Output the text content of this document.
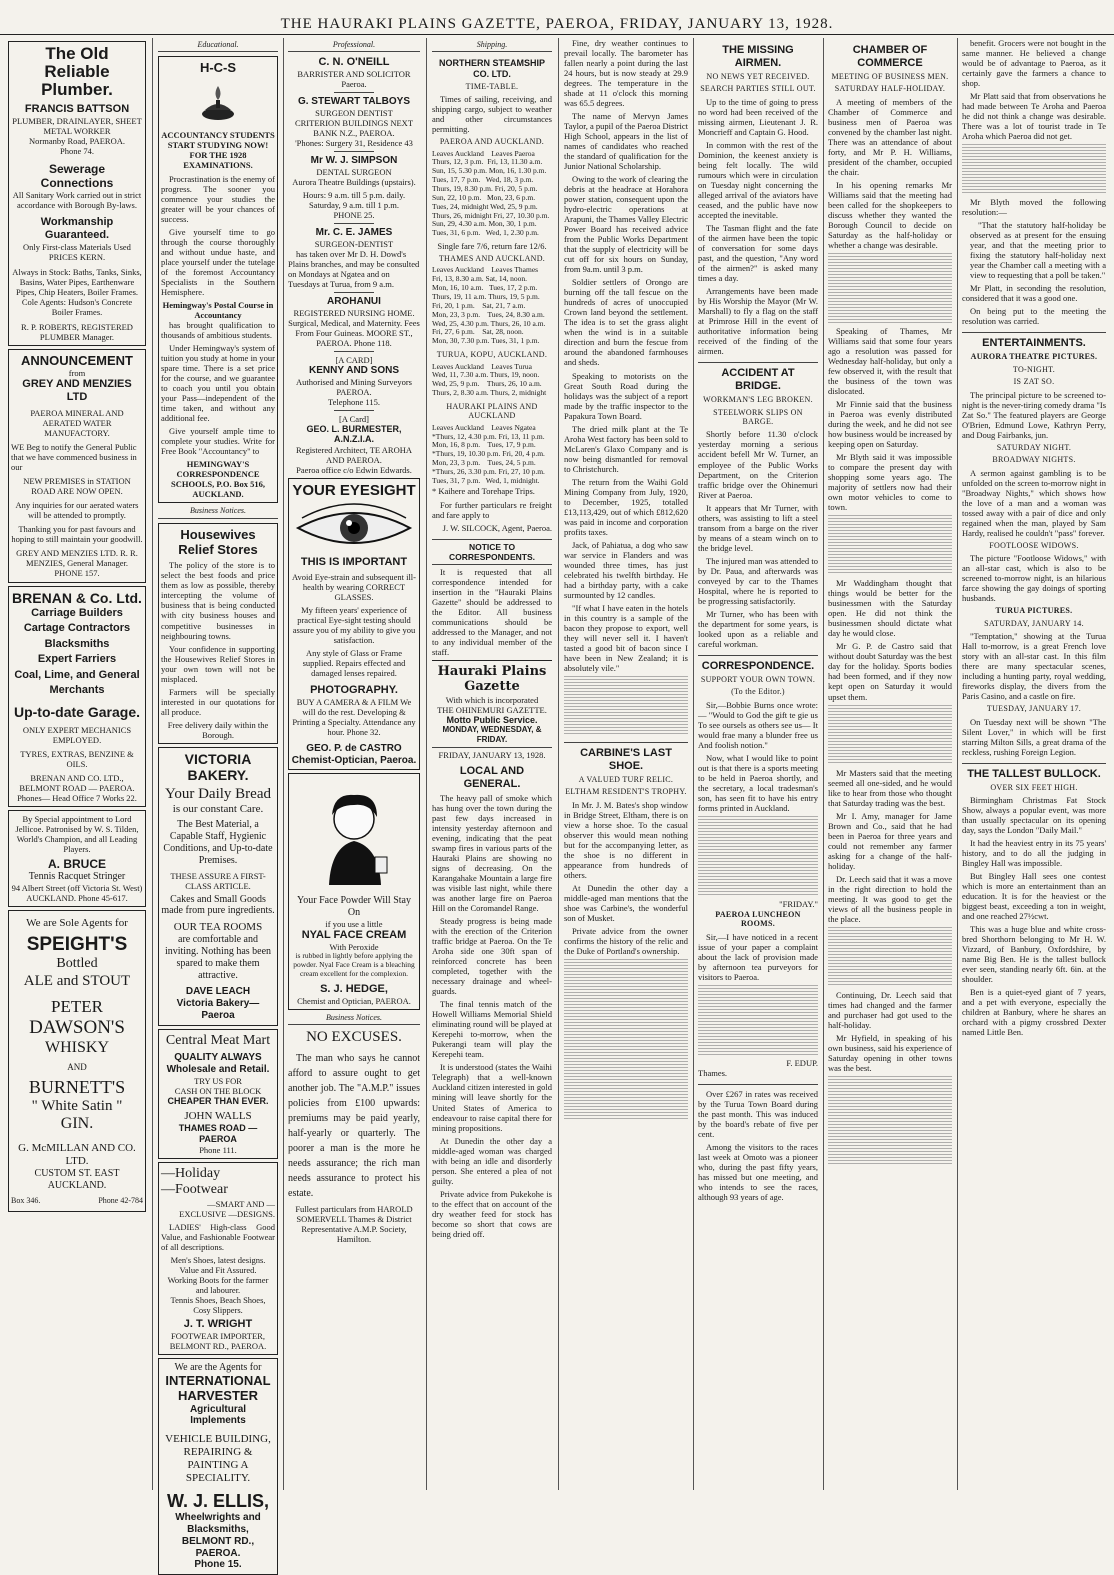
THE HAURAKI PLAINS GAZETTE, PAEROA, FRIDAY, JANUARY 13, 1928.
The Old Reliable Plumber.
FRANCIS BATTSON
PLUMBER, DRAINLAYER, SHEET METAL WORKER
Normanby Road, PAEROA.
Phone 74.
Sewerage Connections
All Sanitary Work carried out in strict accordance with Borough By-laws.
Workmanship Guaranteed.
Only First-class Materials Used PRICES KERN.
Always in Stock: Baths, Tanks, Sinks, Basins, Water Pipes, Earthenware Pipes, Chip Heaters, Boiler Frames. Cole Agents: Hudson's Concrete Boiler Frames.
R. P. ROBERTS, REGISTERED PLUMBER Manager.
ANNOUNCEMENT
from
GREY AND MENZIES LTD
PAEROA MINERAL AND AERATED WATER MANUFACTORY.
WE Beg to notify the General Public that we have commenced business in our
NEW PREMISES in STATION ROAD ARE NOW OPEN.
Any inquiries for our aerated waters will be attended to promptly.
Thanking you for past favours and hoping to still maintain your goodwill.
GREY AND MENZIES LTD. R. R. MENZIES, General Manager.
PHONE 157.
BRENAN & Co. Ltd.
Carriage Builders
Cartage Contractors
Blacksmiths
Expert Farriers
Coal, Lime, and General Merchants
Up-to-date Garage.
ONLY EXPERT MECHANICS EMPLOYED.
TYRES, EXTRAS, BENZINE & OILS.
BRENAN AND CO. LTD., BELMONT ROAD — PAEROA.
Phones— Head Office 7 Works 22.
By Special appointment to Lord Jellicoe. Patronised by W. S. Tilden, World's Champion, and all Leading Players.
A. BRUCE
Tennis Racquet Stringer
94 Albert Street (off Victoria St. West) AUCKLAND. Phone 45-617.
We are Sole Agents for
SPEIGHT'S
Bottled
ALE and STOUT
PETER
DAWSON'S
WHISKY
AND
BURNETT'S
" White Satin "
GIN.
G. McMILLAN AND CO. LTD.
CUSTOM ST. EAST AUCKLAND.
Box 346.	Phone 42-784
Educational.
H-C-S
ACCOUNTANCY STUDENTS START STUDYING NOW! FOR THE 1928 EXAMINATIONS.
Procrastination is the enemy of progress. The sooner you commence your studies the greater will be your chances of success.
Give yourself time to go through the course thoroughly and without undue haste, and place yourself under the tutelage of the foremost Accountancy Specialists in the Southern Hemisphere.
Hemingway's Postal Course in Accountancy
has brought qualification to thousands of ambitious students.
Under Hemingway's system of tuition you study at home in your spare time. There is a set price for the course, and we guarantee to coach you until you obtain your Pass—independent of the time taken, and without any additional fee.
Give yourself ample time to complete your studies. Write for Free Book "Accountancy" to
HEMINGWAY'S CORRESPONDENCE SCHOOLS, P.O. Box 516, AUCKLAND.
Business Notices.
Housewives Relief Stores
The policy of the store is to select the best foods and price them as low as possible, thereby intercepting the volume of business that is being conducted with city business houses and competitive businesses in neighbouring towns.
Your confidence in supporting the Housewives Relief Stores in your own town will not be misplaced.
Farmers will be specially interested in our quotations for all produce.
Free delivery daily within the Borough.
VICTORIA BAKERY.
Your Daily Bread
is our constant Care.
The Best Material, a Capable Staff, Hygienic Conditions, and Up-to-date Premises.
THESE ASSURE A FIRST-CLASS ARTICLE.
Cakes and Small Goods made from pure ingredients.
OUR TEA ROOMS
are comfortable and inviting. Nothing has been spared to make them attractive.
DAVE LEACH
Victoria Bakery—Paeroa
Central Meat Mart
QUALITY ALWAYS
Wholesale and Retail.
TRY US FOR
CASH ON THE BLOCK
CHEAPER THAN EVER.
JOHN WALLS
THAMES ROAD — PAEROA
Phone 111.
—Holiday
—Footwear
—SMART AND —EXCLUSIVE —DESIGNS.
LADIES' High-class Good Value, and Fashionable Footwear of all descriptions.
Men's Shoes, latest designs.
Value and Fit Assured.
Working Boots for the farmer and labourer.
Tennis Shoes, Beach Shoes, Cosy Slippers.
J. T. WRIGHT
FOOTWEAR IMPORTER, BELMONT RD., PAEROA.
We are the Agents for
INTERNATIONAL HARVESTER
Agricultural Implements
VEHICLE BUILDING, REPAIRING & PAINTING A SPECIALITY.
W. J. ELLIS,
Wheelwrights and Blacksmiths,
BELMONT RD., PAEROA.
Phone 15.
Professional.
C. N. O'NEILL
BARRISTER AND SOLICITOR
Paeroa.
G. STEWART TALBOYS
SURGEON DENTIST
CRITERION BUILDINGS NEXT BANK N.Z., PAEROA.
'Phones: Surgery 31, Residence 43
Mr W. J. SIMPSON
DENTAL SURGEON
Aurora Theatre Buildings (upstairs).
Hours: 9 a.m. till 5 p.m. daily. Saturday, 9 a.m. till 1 p.m.
PHONE 25.
Mr. C. E. JAMES
SURGEON-DENTIST
has taken over Mr D. H. Dowd's Plains branches, and may be consulted on Mondays at Ngatea and on Tuesdays at Turua, from 9 a.m.
AROHANUI
REGISTERED NURSING HOME.
Surgical, Medical, and Maternity. Fees From Four Guineas. MOORE ST., PAEROA. Phone 118.
[A CARD]
KENNY AND SONS
Authorised and Mining Surveyors PAEROA.
Telephone 115.
[A Card]
GEO. L. BURMESTER, A.N.Z.I.A.
Registered Architect, TE AROHA AND PAEROA.
Paeroa office c/o Edwin Edwards.
YOUR EYESIGHT
THIS IS IMPORTANT
Avoid Eye-strain and subsequent ill-health by wearing CORRECT GLASSES.
My fifteen years' experience of practical Eye-sight testing should assure you of my ability to give you satisfaction.
Any style of Glass or Frame supplied. Repairs effected and damaged lenses repaired.
PHOTOGRAPHY.
BUY A CAMERA & A FILM We will do the rest. Developing & Printing a Specialty. Attendance any hour. Phone 32.
GEO. P. de CASTRO
Chemist-Optician, Paeroa.
Your Face Powder Will Stay On
if you use a little
NYAL FACE CREAM
With Peroxide
is rubbed in lightly before applying the powder. Nyal Face Cream is a bleaching cream excellent for the complexion.
S. J. HEDGE,
Chemist and Optician, PAEROA.
Business Notices.
NO EXCUSES.
The man who says he cannot afford to assure ought to get another job. The "A.M.P." issues policies from £100 upwards: premiums may be paid yearly, half-yearly or quarterly. The poorer a man is the more he needs assurance; the rich man needs assurance to protect his estate.
Fullest particulars from HAROLD SOMERVELL Thames & District Representative A.M.P. Society, Hamilton.
Shipping.
NORTHERN STEAMSHIP CO. LTD.
TIME-TABLE.
Times of sailing, receiving, and shipping cargo, subject to weather and other circumstances permitting.
PAEROA AND AUCKLAND.
Leaves Auckland    Leaves Paeroa
Thurs, 12, 3 p.m.  Fri, 13, 11.30 a.m.
Sun, 15, 5.30 p.m. Mon, 16, 1.30 p.m.
Tues, 17, 7 p.m.   Wed, 18, 3 p.m.
Thurs, 19, 8.30 p.m. Fri, 20, 5 p.m.
Sun, 22, 10 p.m.   Mon, 23, 6 p.m.
Tues, 24, midnight Wed, 25, 9 p.m.
Thurs, 26, midnight Fri, 27, 10.30 p.m.
Sun, 29, 4.30 a.m. Mon, 30, 1 p.m.
Tues, 31, 6 p.m.   Wed, 1, 2.30 p.m.
Single fare 7/6, return fare 12/6.
THAMES AND AUCKLAND.
Leaves Auckland    Leaves Thames
Fri, 13, 8.30 a.m. Sat, 14, noon.
Mon, 16, 10 a.m.   Tues, 17, 2 p.m.
Thurs, 19, 11 a.m. Thurs, 19, 5 p.m.
Fri, 20, 1 p.m.    Sat, 21, 7 a.m.
Mon, 23, 3 p.m.    Tues, 24, 8.30 a.m.
Wed, 25, 4.30 p.m. Thurs, 26, 10 a.m.
Fri, 27, 6 p.m.    Sat, 28, noon.
Mon, 30, 7.30 p.m. Tues, 31, 1 p.m.
TURUA, KOPU, AUCKLAND.
Leaves Auckland    Leaves Turua
Wed, 11, 7.30 a.m. Thurs, 19, noon.
Wed, 25, 9 p.m.    Thurs, 26, 10 a.m.
Thurs, 2, 8.30 a.m. Thurs, 2, midnight
HAURAKI PLAINS AND AUCKLAND
Leaves Auckland    Leaves Ngatea
*Thurs, 12, 4.30 p.m. Fri, 13, 11 p.m.
Mon, 16, 8 p.m.    Tues, 17, 9 p.m.
*Thurs, 19, 10.30 p.m. Fri, 20, 4 p.m.
Mon, 23, 3 p.m.    Tues, 24, 5 p.m.
*Thurs, 26, 3.30 p.m. Fri, 27, 10 p.m.
Tues, 31, 7 p.m.   Wed, 1, midnight.
* Kaihere and Torehape Trips.
For further particulars re freight and fare apply to
J. W. SILCOCK, Agent, Paeroa.
NOTICE TO CORRESPONDENTS.
It is requested that all correspondence intended for insertion in the "Hauraki Plains Gazette" should be addressed to the Editor. All business communications should be addressed to the Manager, and not to any individual member of the staff.
Hauraki Plains Gazette
With which is incorporated
THE OHINEMURI GAZETTE.
Motto Public Service.
MONDAY, WEDNESDAY, & FRIDAY.
FRIDAY, JANUARY 13, 1928.
LOCAL AND GENERAL.
The heavy pall of smoke which has hung over the town during the past few days increased in intensity yesterday afternoon and evening, indicating that the peat swamp fires in various parts of the Hauraki Plains are showing no signs of decreasing. On the Karangahake Mountain a large fire was visible last night, while there was another large fire on Paeroa Hill on the Coromandel Range.
Steady progress is being made with the erection of the Criterion traffic bridge at Paeroa. On the Te Aroha side one 30ft span of reinforced concrete has been completed, together with the necessary drainage and wheel-guards.
The final tennis match of the Howell Williams Memorial Shield eliminating round will be played at Kerepehi to-morrow, when the Pukerangi team will play the Kerepehi team.
It is understood (states the Waihi Telegraph) that a well-known Auckland citizen interested in gold mining will leave shortly for the United States of America to endeavour to raise capital there for mining propositions.
At Dunedin the other day a middle-aged woman was charged with being an idle and disorderly person. She entered a plea of not guilty.
Private advice from Pukekohe is to the effect that on account of the dry weather feed for stock has become so short that cows are being dried off.
Fine, dry weather continues to prevail locally. The barometer has fallen nearly a point during the last 24 hours, but is now steady at 29.9 degrees. The temperature in the shade at 11 o'clock this morning was 65.5 degrees.
The name of Mervyn James Taylor, a pupil of the Paeroa District High School, appears in the list of names of candidates who reached the standard of qualification for the Junior National Scholarship.
Owing to the work of clearing the debris at the headrace at Horahora power station, consequent upon the hydro-electric operations at Arapuni, the Thames Valley Electric Power Board has received advice from the Public Works Department that the supply of electricity will be cut off for six hours on Sunday, from 9a.m. until 3 p.m.
Soldier settlers of Orongo are burning off the tall fescue on the hundreds of acres of unoccupied Crown land beyond the settlement. The idea is to set the grass alight when the wind is in a suitable direction and burn the fescue from around the abandoned farmhouses and sheds.
Speaking to motorists on the Great South Road during the holidays was the subject of a report made by the traffic inspector to the Papakura Town Board.
The dried milk plant at the Te Aroha West factory has been sold to McLaren's Glaxo Company and is now being dismantled for removal to Christchurch.
The return from the Waihi Gold Mining Company from July, 1920, to December, 1925, totalled £13,113,429, out of which £812,620 was paid in income and corporation profits taxes.
Jack, of Pahiatua, a dog who saw war service in Flanders and was wounded three times, has just celebrated his twelfth birthday. He had a birthday party, with a cake surmounted by 12 candles.
"If what I have eaten in the hotels in this country is a sample of the bacon they propose to export, well they will never sell it. I haven't tasted a good bit of bacon since I have been in New Zealand; it is absolutely vile."
CARBINE'S LAST SHOE.
A VALUED TURF RELIC.
ELTHAM RESIDENT'S TROPHY.
In Mr. J. M. Bates's shop window in Bridge Street, Eltham, there is on view a horse shoe. To the casual observer this would mean nothing but for the accompanying letter, as the shoe is no different in appearance from hundreds of others.
At Dunedin the other day a middle-aged man mentions that the shoe was Carbine's, the wonderful son of Musket.
Private advice from the owner confirms the history of the relic and the Duke of Portland's ownership.
THE MISSING AIRMEN.
NO NEWS YET RECEIVED.
SEARCH PARTIES STILL OUT.
Up to the time of going to press no word had been received of the missing airmen, Lieutenant J. R. Moncrieff and Captain G. Hood.
In common with the rest of the Dominion, the keenest anxiety is being felt locally. The wild rumours which were in circulation on Tuesday night concerning the alleged arrival of the aviators have ceased, and the public have now accepted the inevitable.
The Tasman flight and the fate of the airmen have been the topic of conversation for some days past, and the question, "Any word of the airmen?" is asked many times a day.
Arrangements have been made by His Worship the Mayor (Mr W. Marshall) to fly a flag on the staff at Primrose Hill in the event of authoritative information being received of the finding of the airmen.
ACCIDENT AT BRIDGE.
WORKMAN'S LEG BROKEN.
STEELWORK SLIPS ON BARGE.
Shortly before 11.30 o'clock yesterday morning a serious accident befell Mr W. Turner, an employee of the Public Works Department, on the Criterion traffic bridge over the Ohinemuri River at Paeroa.
It appears that Mr Turner, with others, was assisting to lift a steel transom from a barge on the river by means of a steam winch on to the bridge level.
The injured man was attended to by Dr. Paua, and afterwards was conveyed by car to the Thames Hospital, where he is reported to be progressing satisfactorily.
Mr Turner, who has been with the department for some years, is looked upon as a reliable and careful workman.
CORRESPONDENCE.
SUPPORT YOUR OWN TOWN.
(To the Editor.)
Sir,—Bobbie Burns once wrote:— "Would to God the gift te gie us To see oursels as others see us— It would frae many a blunder free us And foolish notion."
Now, what I would like to point out is that there is a sports meeting to be held in Paeroa shortly, and the secretary, a local tradesman's son, has seen fit to have his entry forms printed in Auckland.
"FRIDAY."
PAEROA LUNCHEON ROOMS.
Sir,—I have noticed in a recent issue of your paper a complaint about the lack of provision made by afternoon tea purveyors for visitors to Paeroa.
F. EDUP.
Thames.
Over £267 in rates was received by the Turua Town Board during the past month. This was induced by the board's rebate of five per cent.
Among the visitors to the races last week at Omoto was a pioneer who, during the past fifty years, has missed but one meeting, and who intends to see the races, although 93 years of age.
CHAMBER OF COMMERCE
MEETING OF BUSINESS MEN.
SATURDAY HALF-HOLIDAY.
A meeting of members of the Chamber of Commerce and business men of Paeroa was convened by the chamber last night. There was an attendance of about forty, and Mr P. H. Williams, president of the chamber, occupied the chair.
In his opening remarks Mr Williams said that the meeting had been called for the shopkeepers to discuss whether they wanted the Borough Council to decide on Saturday as the half-holiday or whether a change was desirable.
Speaking of Thames, Mr Williams said that some four years ago a resolution was passed for Wednesday half-holiday, but only a few observed it, with the result that the business of the town was dislocated.
Mr Finnie said that the business in Paeroa was evenly distributed during the week, and he did not see how business would be increased by keeping open on Saturday.
Mr Blyth said it was impossible to compare the present day with shopping some years ago. The majority of settlers now had their own motor vehicles to come to town.
Mr Waddingham thought that things would be better for the businessmen with the Saturday open. He did not think the businessmen should dictate what day he would close.
Mr G. P. de Castro said that without doubt Saturday was the best day for the holiday. Sports bodies had been formed, and if they now kept open on Saturday it would upset them.
Mr Masters said that the meeting seemed all one-sided, and he would like to hear from those who thought that Saturday trading was the best.
Mr I. Amy, manager for Jame Brown and Co., said that he had been in Paeroa for three years and could not remember any farmer asking for a change of the half-holiday.
Dr. Leech said that it was a move in the right direction to hold the meeting. It was good to get the views of all the business people in the place.
Continuing, Dr. Leech said that times had changed and the farmer and purchaser had got used to the half-holiday.
Mr Hyfield, in speaking of his own business, said his experience of Saturday opening in other towns was the best.
benefit. Grocers were not bought in the same manner. He believed a change would be of advantage to Paeroa, as it certainly gave the farmers a chance to shop.
Mr Platt said that from observations he had made between Te Aroha and Paeroa he did not think a change was desirable. There was a lot of tourist trade in Te Aroha which Paeroa did not get.
Mr Blyth moved the following resolution:—
"That the statutory half-holiday be observed as at present for the ensuing year, and that the meeting prior to fixing the statutory half-holiday next year the Chamber call a meeting with a view to requesting that a poll be taken."
Mr Platt, in seconding the resolution, considered that it was a good one.
On being put to the meeting the resolution was carried.
ENTERTAINMENTS.
AURORA THEATRE PICTURES.
TO-NIGHT.
IS ZAT SO.
The principal picture to be screened to-night is the never-tiring comedy drama "Is Zat So." The featured players are George O'Brien, Edmund Lowe, Kathryn Perry, and Doug Fairbanks, jun.
SATURDAY NIGHT.
BROADWAY NIGHTS.
A sermon against gambling is to be unfolded on the screen to-morrow night in "Broadway Nights," which shows how the love of a man and a woman was tossed away with a pair of dice and only regained when the man, played by Sam Hardy, realised he couldn't "pass" forever.
FOOTLOOSE WIDOWS.
The picture "Footloose Widows," with an all-star cast, which is also to be screened to-morrow night, is an hilarious farce showing the gay doings of sporting husbands.
TURUA PICTURES.
SATURDAY, JANUARY 14.
"Temptation," showing at the Turua Hall to-morrow, is a great French love story with an all-star cast. In this film there are many spectacular scenes, including a hunting party, royal wedding, fireworks display, the divers from the Paris Casino, and a castle on fire.
TUESDAY, JANUARY 17.
On Tuesday next will be shown "The Silent Lover," in which will be first starring Milton Sills, a great drama of the reckless, rushing Foreign Legion.
THE TALLEST BULLOCK.
OVER SIX FEET HIGH.
Birmingham Christmas Fat Stock Show, always a popular event, was more than usually spectacular on its opening day, says the London "Daily Mail."
It had the heaviest entry in its 75 years' history, and to do all the judging in Bingley Hall was impossible.
But Bingley Hall sees one contest which is more an entertainment than an education. It is for the heaviest or the biggest beast, exceeding a ton in weight, and one reached 27½cwt.
This was a huge blue and white cross-bred Shorthorn belonging to Mr H. W. Vizzard, of Banbury, Oxfordshire, by name Big Ben. He is the tallest bullock ever seen, standing nearly 6ft. 6in. at the shoulder.
Ben is a quiet-eyed giant of 7 years, and a pet with everyone, especially the children at Banbury, where he shares an orchard with a pigmy crossbred Dexter named Little Ben.
